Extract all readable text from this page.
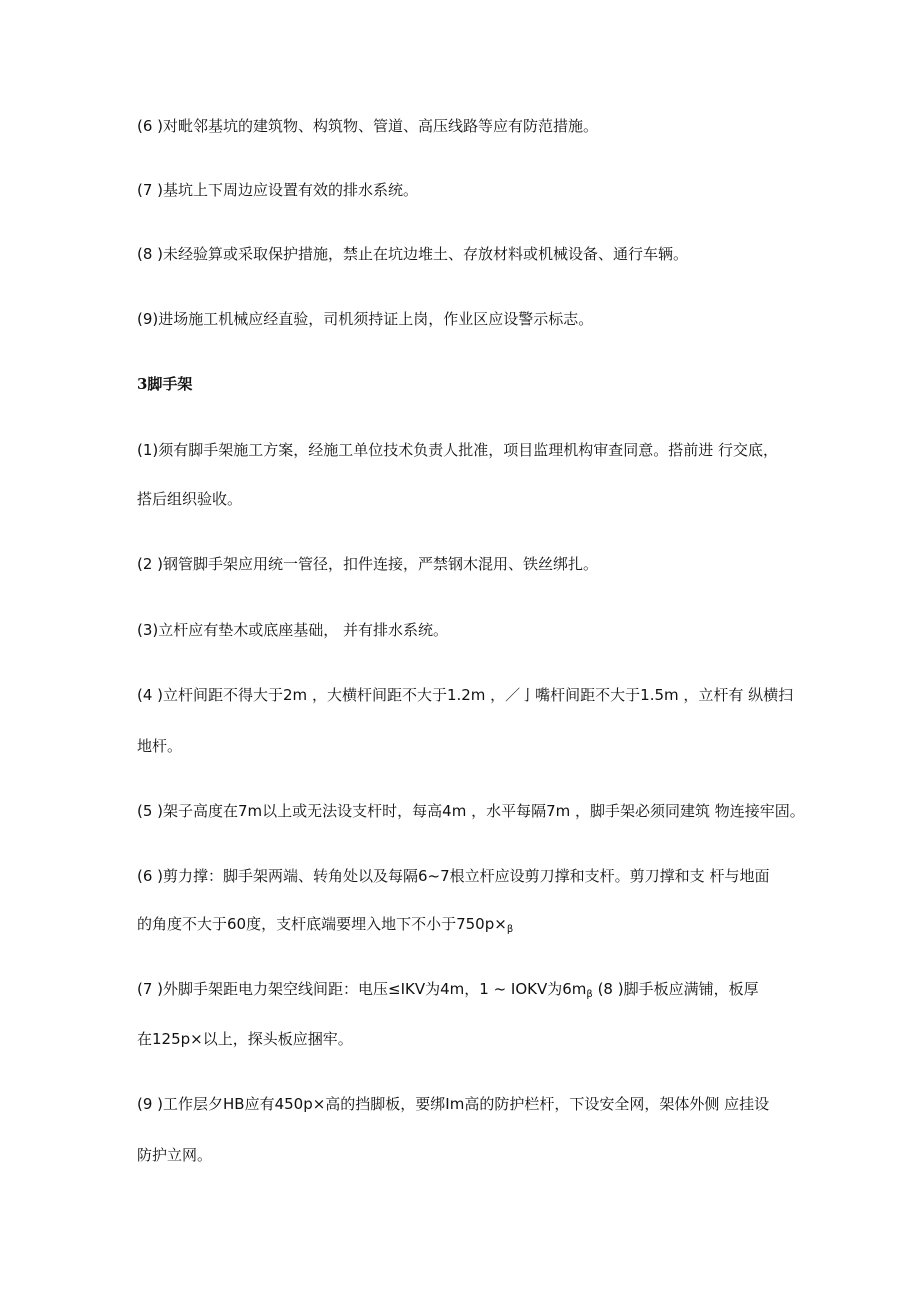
(6 )对毗邻基坑的建筑物、构筑物、管道、高压线路等应有防范措施。
(7 )基坑上下周边应设置有效的排水系统。
(8 )未经验算或采取保护措施，禁止在坑边堆土、存放材料或机械设备、通行车辆。
(9)进场施工机械应经直验，司机须持证上岗，作业区应设警示标志。
3脚手架
(1)须有脚手架施工方案，经施工单位技术负责人批准，项目监理机构审查同意。搭前进 行交底，
搭后组织验收。
(2 )钢管脚手架应用统一管径，扣件连接，严禁钢木混用、铁丝绑扎。
(3)立杆应有垫木或底座基础， 并有排水系统。
(4 )立杆间距不得大于2m ，大横杆间距不大于1.2m ，／亅嘴杆间距不大于1.5m ，立杆有 纵横扫
地杆。
(5 )架子高度在7m以上或无法设支杆时，每高4m ，水平每隔7m ，脚手架必须同建筑 物连接牢固。
(6 )剪力撑：脚手架两端、转角处以及每隔6~7根立杆应设剪刀撑和支杆。剪刀撑和支 杆与地面
的角度不大于60度，支杆底端要埋入地下不小于$750p\times_\beta$
(7 )外脚手架距电力架空线间距：电压≤IKV为4m，1 ~ IOKV为$6m_\beta$ (8 )脚手板应满铺，板厚
在125p×以上，探头板应捆牢。
(9 )工作层夕HB应有450p×高的挡脚板，要绑Im高的防护栏杆，下设安全网，架体外侧 应挂设
防护立网。
